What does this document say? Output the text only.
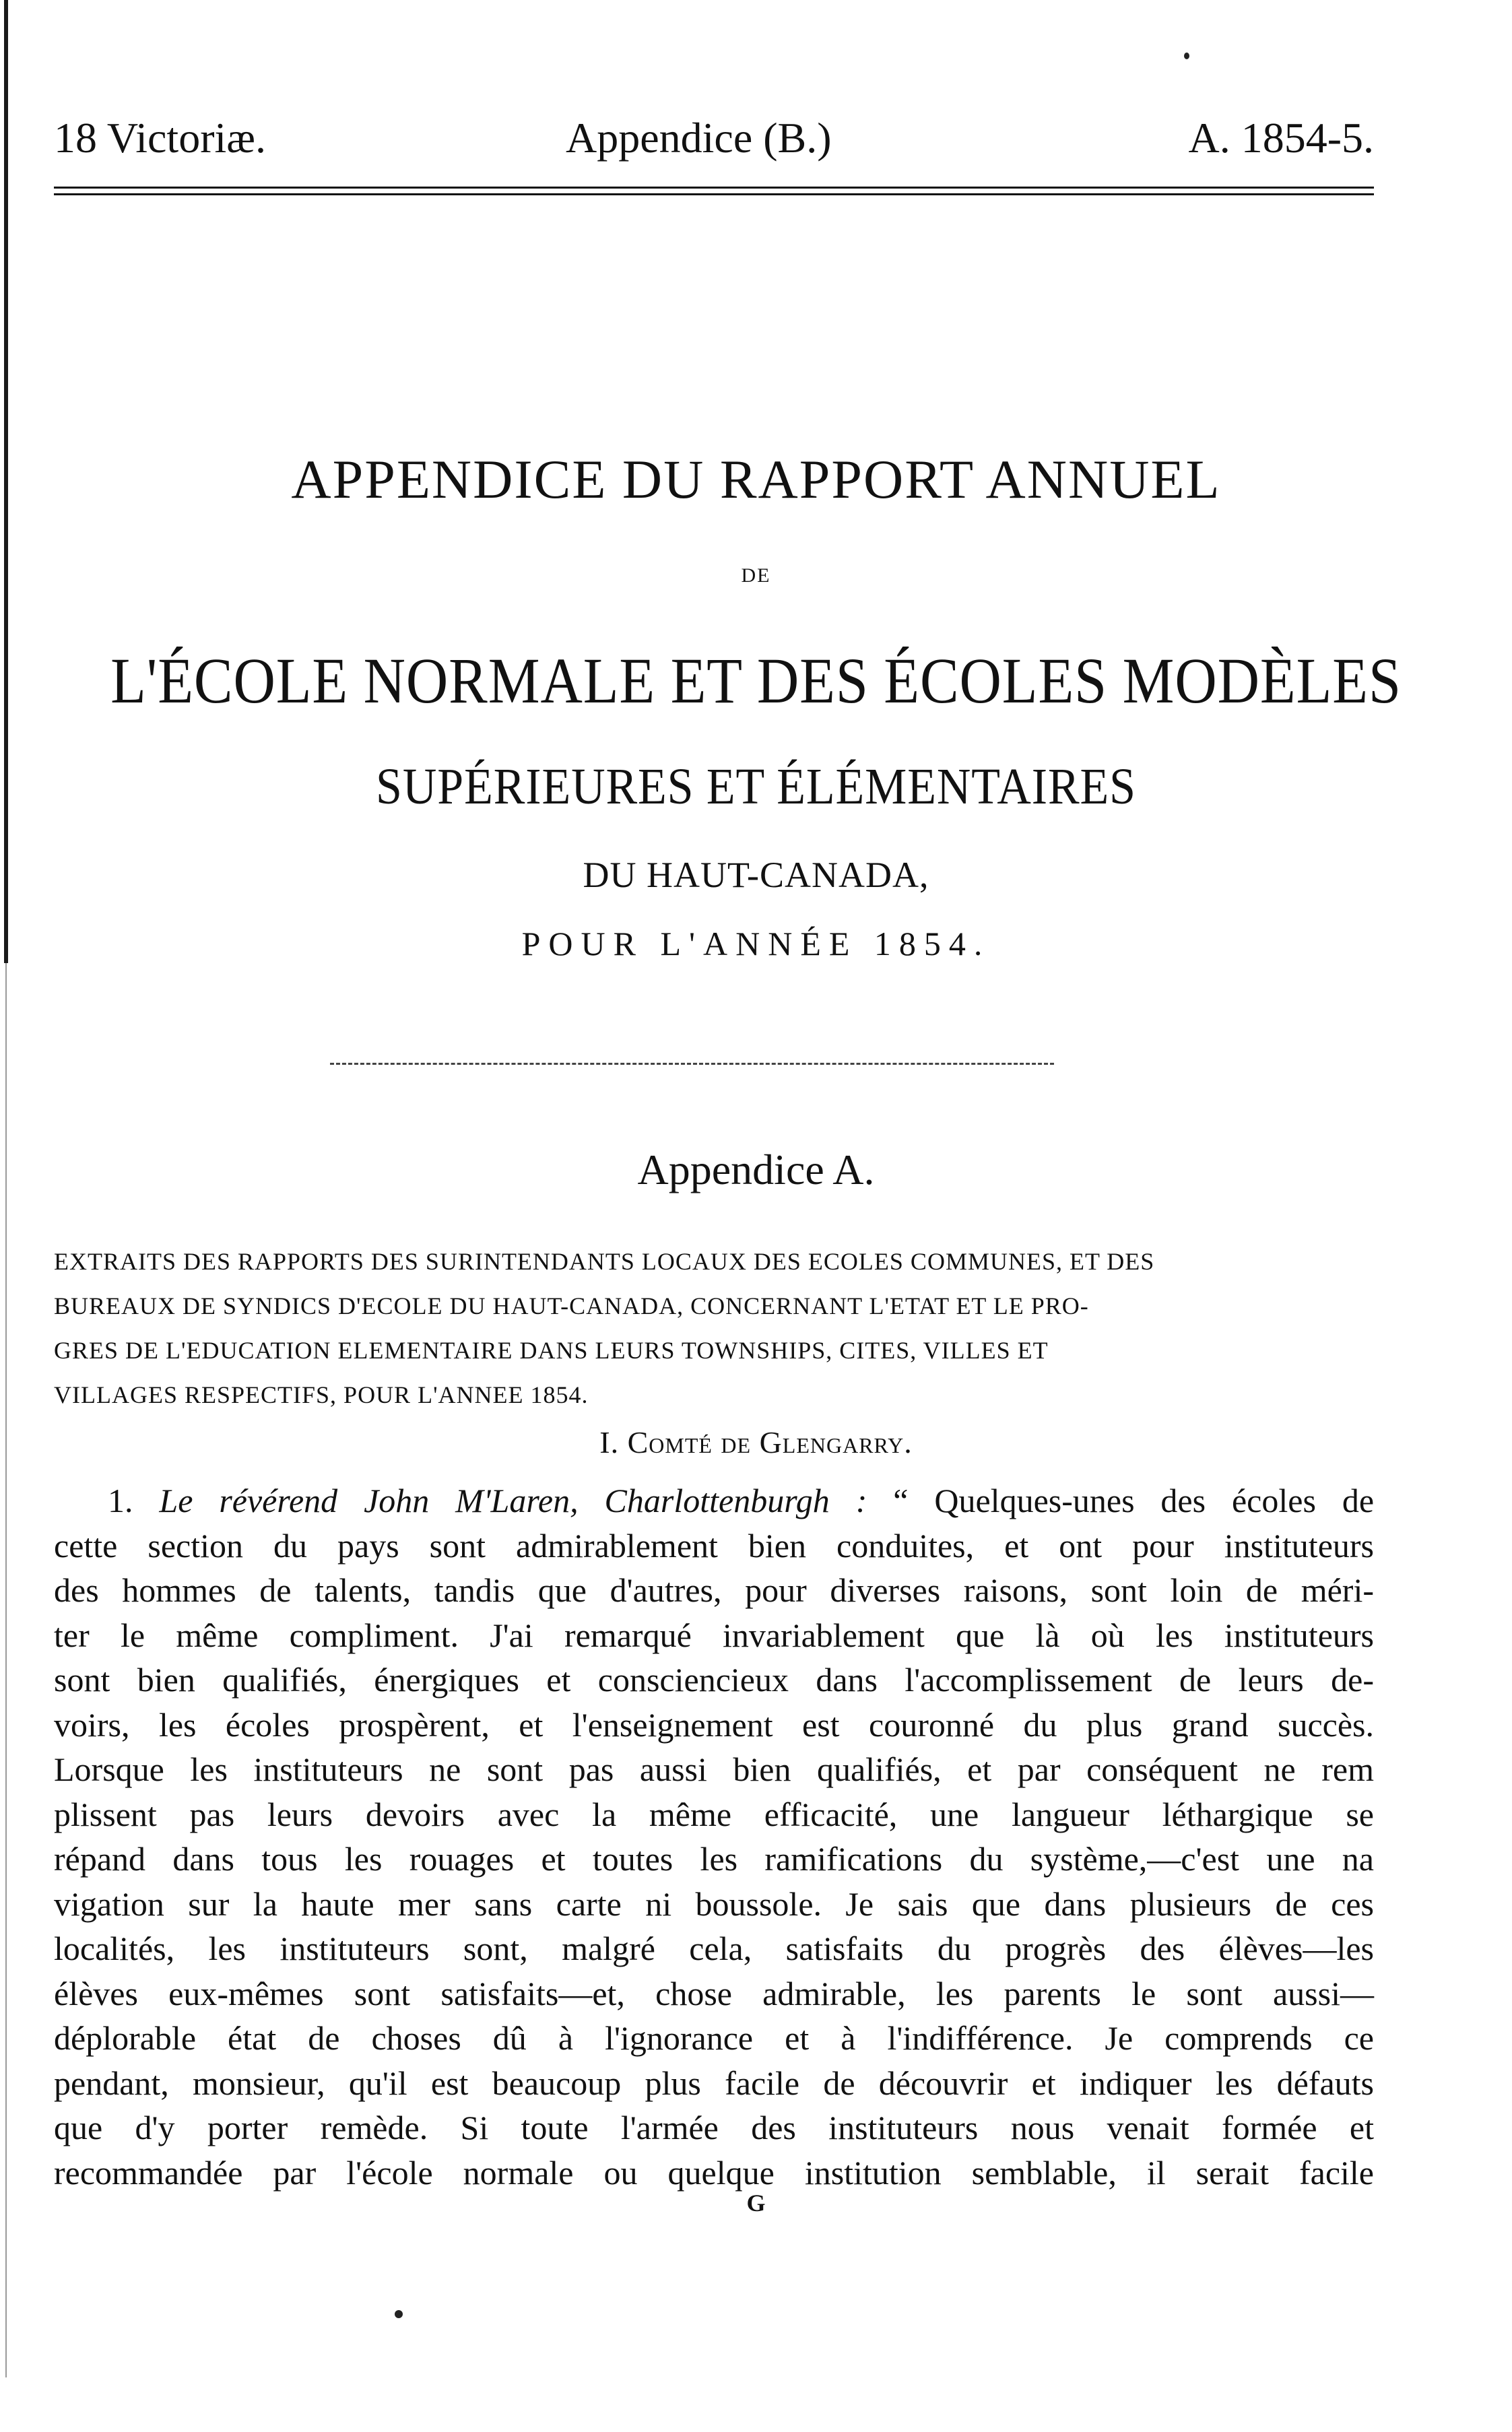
18 Victoriæ.	Appendice (B.)	A. 1854-5.
APPENDICE DU RAPPORT ANNUEL
DE
L'ÉCOLE NORMALE ET DES ÉCOLES MODÈLES
SUPÉRIEURES ET ÉLÉMENTAIRES
DU HAUT-CANADA,
POUR L'ANNÉE 1854.
Appendice A.
EXTRAITS DES RAPPORTS DES SURINTENDANTS LOCAUX DES ECOLES COMMUNES, ET DES
BUREAUX DE SYNDICS D'ECOLE DU HAUT-CANADA, CONCERNANT L'ETAT ET LE PRO-
GRES DE L'EDUCATION ELEMENTAIRE DANS LEURS TOWNSHIPS, CITES, VILLES ET
VILLAGES RESPECTIFS, POUR L'ANNEE 1854.
I. Comté de Glengarry.
1. Le révérend John M'Laren, Charlottenburgh : “ Quelques-unes des écoles de
cette section du pays sont admirablement bien conduites, et ont pour instituteurs
des hommes de talents, tandis que d'autres, pour diverses raisons, sont loin de méri-
ter le même compliment. J'ai remarqué invariablement que là où les instituteurs
sont bien qualifiés, énergiques et consciencieux dans l'accomplissement de leurs de-
voirs, les écoles prospèrent, et l'enseignement est couronné du plus grand succès.
Lorsque les instituteurs ne sont pas aussi bien qualifiés, et par conséquent ne rem
plissent pas leurs devoirs avec la même efficacité, une langueur léthargique se
répand dans tous les rouages et toutes les ramifications du système,—c'est une na
vigation sur la haute mer sans carte ni boussole. Je sais que dans plusieurs de ces
localités, les instituteurs sont, malgré cela, satisfaits du progrès des élèves—les
élèves eux-mêmes sont satisfaits—et, chose admirable, les parents le sont aussi—
déplorable état de choses dû à l'ignorance et à l'indifférence. Je comprends ce
pendant, monsieur, qu'il est beaucoup plus facile de découvrir et indiquer les défauts
que d'y porter remède. Si toute l'armée des instituteurs nous venait formée et
recommandée par l'école normale ou quelque institution semblable, il serait facile
G
